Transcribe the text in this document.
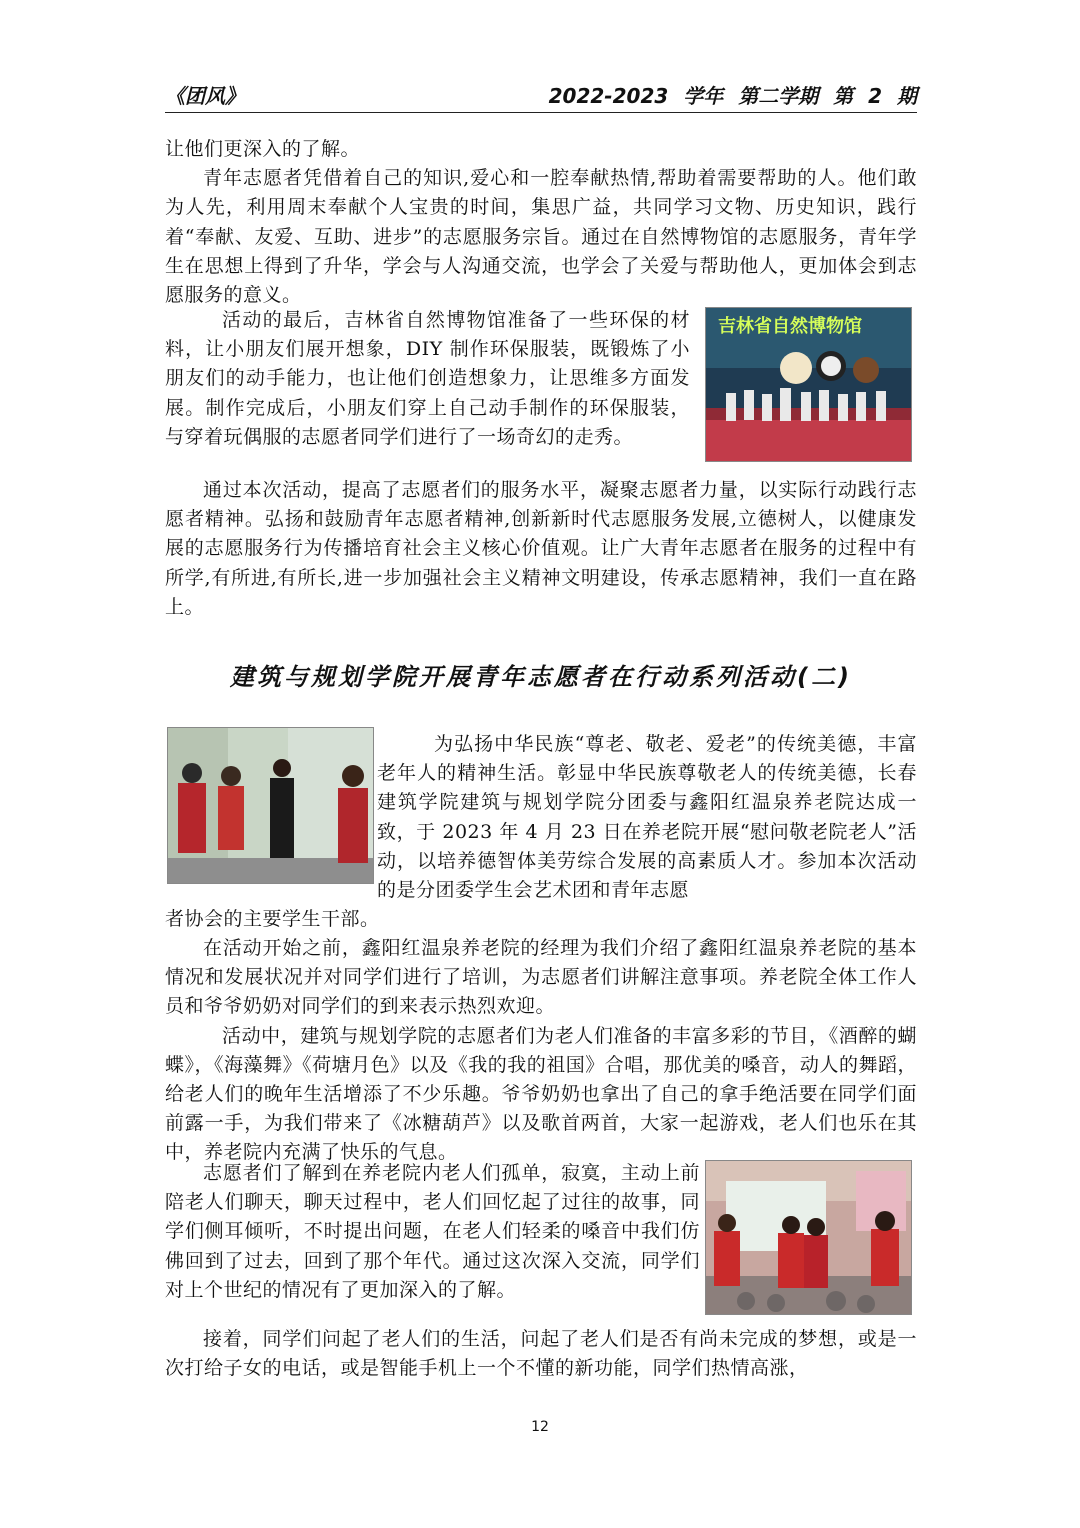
《团风》	2022-2023 学年 第二学期 第 2 期

让他们更深入的了解。

青年志愿者凭借着自己的知识,爱心和一腔奉献热情,帮助着需要帮助的人。他们敢为人先，利用周末奉献个人宝贵的时间，集思广益，共同学习文物、历史知识，践行着“奉献、友爱、互助、进步”的志愿服务宗旨。通过在自然博物馆的志愿服务，青年学生在思想上得到了升华，学会与人沟通交流，也学会了关爱与帮助他人，更加体会到志愿服务的意义。

活动的最后，吉林省自然博物馆准备了一些环保的材料，让小朋友们展开想象，DIY 制作环保服装，既锻炼了小朋友们的动手能力，也让他们创造想象力，让思维多方面发展。制作完成后，小朋友们穿上自己动手制作的环保服装，与穿着玩偶服的志愿者同学们进行了一场奇幻的走秀。

吉林省自然博物馆

通过本次活动，提高了志愿者们的服务水平，凝聚志愿者力量，以实际行动践行志愿者精神。弘扬和鼓励青年志愿者精神,创新新时代志愿服务发展,立德树人，以健康发展的志愿服务行为传播培育社会主义核心价值观。让广大青年志愿者在服务的过程中有所学,有所进,有所长,进一步加强社会主义精神文明建设，传承志愿精神，我们一直在路上。

建筑与规划学院开展青年志愿者在行动系列活动(二)

为弘扬中华民族“尊老、敬老、爱老”的传统美德，丰富老年人的精神生活。彰显中华民族尊敬老人的传统美德，长春建筑学院建筑与规划学院分团委与鑫阳红温泉养老院达成一致，于 2023 年 4 月 23 日在养老院开展“慰问敬老院老人”活动，以培养德智体美劳综合发展的高素质人才。参加本次活动的是分团委学生会艺术团和青年志愿

者协会的主要学生干部。

在活动开始之前，鑫阳红温泉养老院的经理为我们介绍了鑫阳红温泉养老院的基本情况和发展状况并对同学们进行了培训，为志愿者们讲解注意事项。养老院全体工作人员和爷爷奶奶对同学们的到来表示热烈欢迎。

活动中，建筑与规划学院的志愿者们为老人们准备的丰富多彩的节目，《酒醉的蝴蝶》，《海藻舞》《荷塘月色》以及《我的我的祖国》合唱，那优美的嗓音，动人的舞蹈，给老人们的晚年生活增添了不少乐趣。爷爷奶奶也拿出了自己的拿手绝活要在同学们面前露一手，为我们带来了《冰糖葫芦》以及歌首两首，大家一起游戏，老人们也乐在其中，养老院内充满了快乐的气息。

志愿者们了解到在养老院内老人们孤单，寂寞，主动上前陪老人们聊天，聊天过程中，老人们回忆起了过往的故事，同学们侧耳倾听，不时提出问题，在老人们轻柔的嗓音中我们仿佛回到了过去，回到了那个年代。通过这次深入交流，同学们对上个世纪的情况有了更加深入的了解。

接着，同学们问起了老人们的生活，问起了老人们是否有尚未完成的梦想，或是一次打给子女的电话，或是智能手机上一个不懂的新功能，同学们热情高涨，

12
